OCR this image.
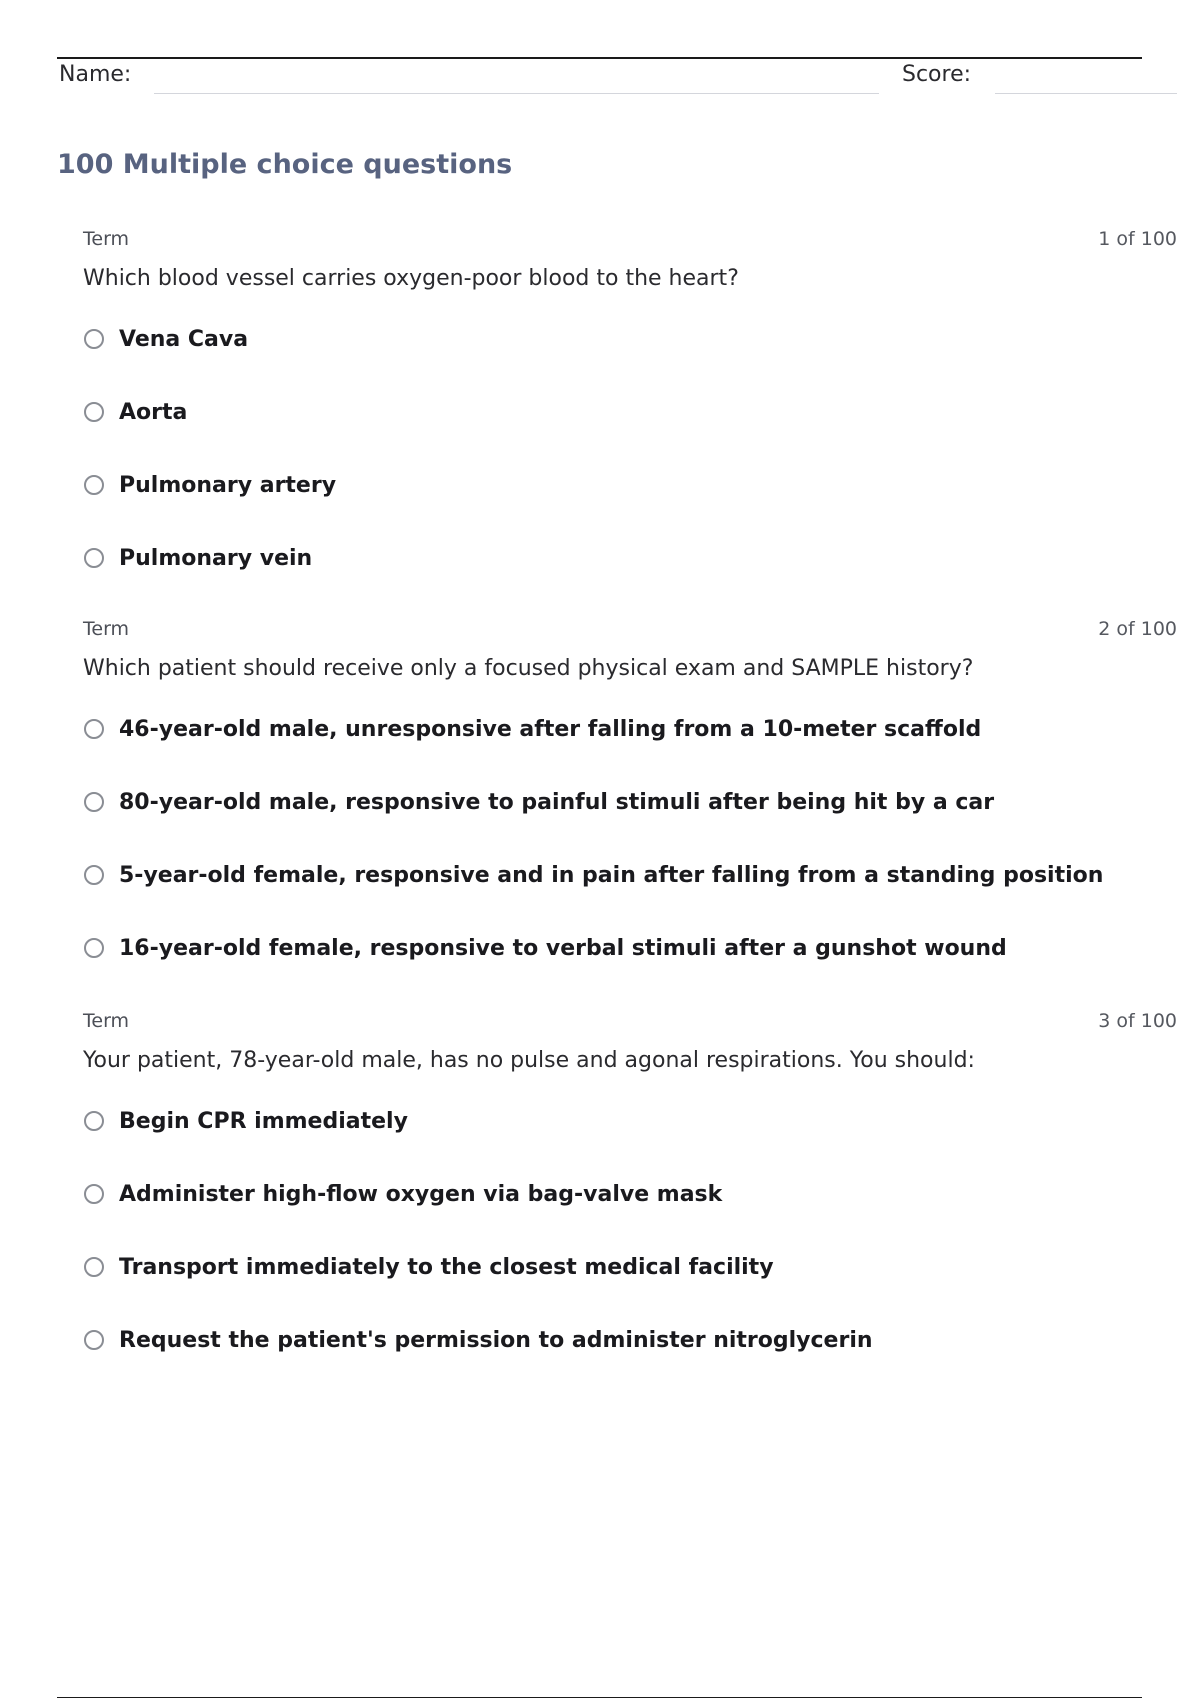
Name:	Score:
100 Multiple choice questions
Term	1 of 100
Which blood vessel carries oxygen-poor blood to the heart?
Vena Cava
Aorta
Pulmonary artery
Pulmonary vein
Term	2 of 100
Which patient should receive only a focused physical exam and SAMPLE history?
46-year-old male, unresponsive after falling from a 10-meter scaffold
80-year-old male, responsive to painful stimuli after being hit by a car
5-year-old female, responsive and in pain after falling from a standing position
16-year-old female, responsive to verbal stimuli after a gunshot wound
Term	3 of 100
Your patient, 78-year-old male, has no pulse and agonal respirations. You should:
Begin CPR immediately
Administer high-flow oxygen via bag-valve mask
Transport immediately to the closest medical facility
Request the patient's permission to administer nitroglycerin
